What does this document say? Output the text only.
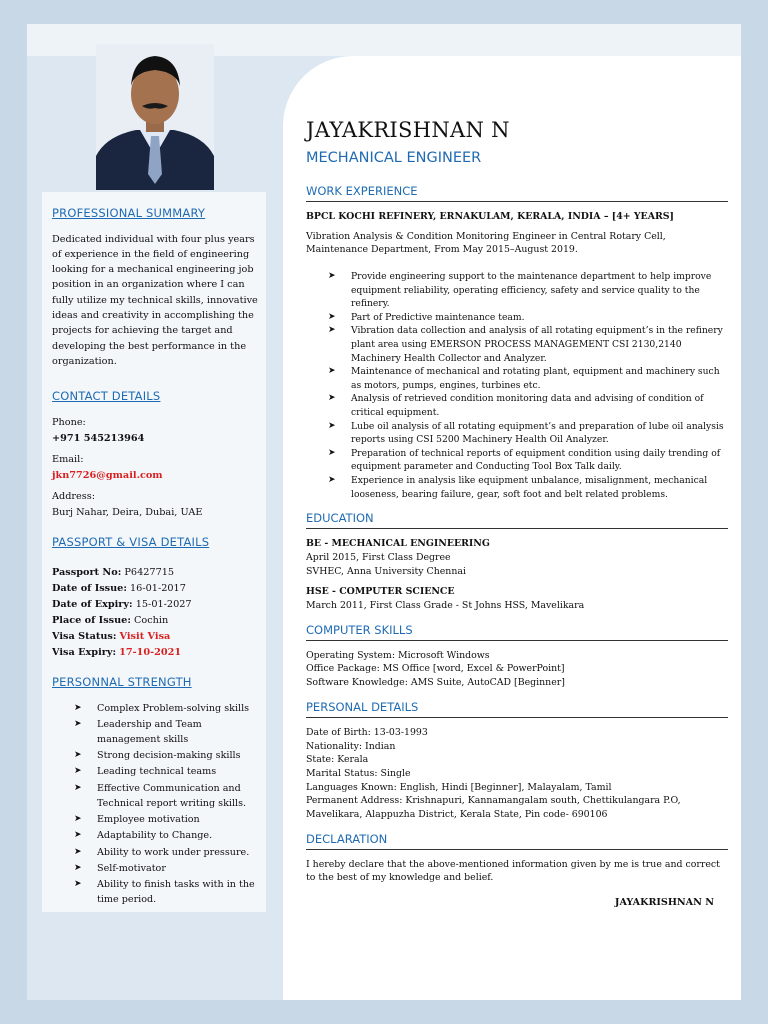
PROFESSIONAL SUMMARY
Dedicated individual with four plus years of experience in the field of engineering looking for a mechanical engineering job position in an organization where I can fully utilize my technical skills, innovative ideas and creativity in accomplishing the projects for achieving the target and developing the best performance in the organization.
CONTACT DETAILS
Phone:
+971 545213964
Email:
jkn7726@gmail.com
Address:
Burj Nahar, Deira, Dubai, UAE
PASSPORT & VISA DETAILS
Passport No: P6427715
Date of Issue: 16-01-2017
Date of Expiry: 15-01-2027
Place of Issue: Cochin
Visa Status: Visit Visa
Visa Expiry: 17-10-2021
PERSONNAL STRENGTH
➤ Complex Problem-solving skills
➤ Leadership and Team management skills
➤ Strong decision-making skills
➤ Leading technical teams
➤ Effective Communication and Technical report writing skills.
➤ Employee motivation
➤ Adaptability to Change.
➤ Ability to work under pressure.
➤ Self-motivator
➤ Ability to finish tasks with in the time period.
JAYAKRISHNAN N
MECHANICAL ENGINEER
WORK EXPERIENCE
BPCL KOCHI REFINERY, ERNAKULAM, KERALA, INDIA – [4+ YEARS]
Vibration Analysis & Condition Monitoring Engineer in Central Rotary Cell,
Maintenance Department, From May 2015–August 2019.
➤ Provide engineering support to the maintenance department to help improve equipment reliability, operating efficiency, safety and service quality to the refinery.
➤ Part of Predictive maintenance team.
➤ Vibration data collection and analysis of all rotating equipment’s in the refinery plant area using EMERSON PROCESS MANAGEMENT CSI 2130,2140 Machinery Health Collector and Analyzer.
➤ Maintenance of mechanical and rotating plant, equipment and machinery such as motors, pumps, engines, turbines etc.
➤ Analysis of retrieved condition monitoring data and advising of condition of critical equipment.
➤ Lube oil analysis of all rotating equipment’s and preparation of lube oil analysis reports using CSI 5200 Machinery Health Oil Analyzer.
➤ Preparation of technical reports of equipment condition using daily trending of equipment parameter and Conducting Tool Box Talk daily.
➤ Experience in analysis like equipment unbalance, misalignment, mechanical looseness, bearing failure, gear, soft foot and belt related problems.
EDUCATION
BE - MECHANICAL ENGINEERING
April 2015, First Class Degree
SVHEC, Anna University Chennai
HSE - COMPUTER SCIENCE
March 2011, First Class Grade - St Johns HSS, Mavelikara
COMPUTER SKILLS
Operating System: Microsoft Windows
Office Package: MS Office [word, Excel & PowerPoint]
Software Knowledge: AMS Suite, AutoCAD [Beginner]
PERSONAL DETAILS
Date of Birth: 13-03-1993
Nationality: Indian
State: Kerala
Marital Status: Single
Languages Known: English, Hindi [Beginner], Malayalam, Tamil
Permanent Address: Krishnapuri, Kannamangalam south, Chettikulangara P.O,
Mavelikara, Alappuzha District, Kerala State, Pin code- 690106
DECLARATION
I hereby declare that the above-mentioned information given by me is true and correct
to the best of my knowledge and belief.
JAYAKRISHNAN N
